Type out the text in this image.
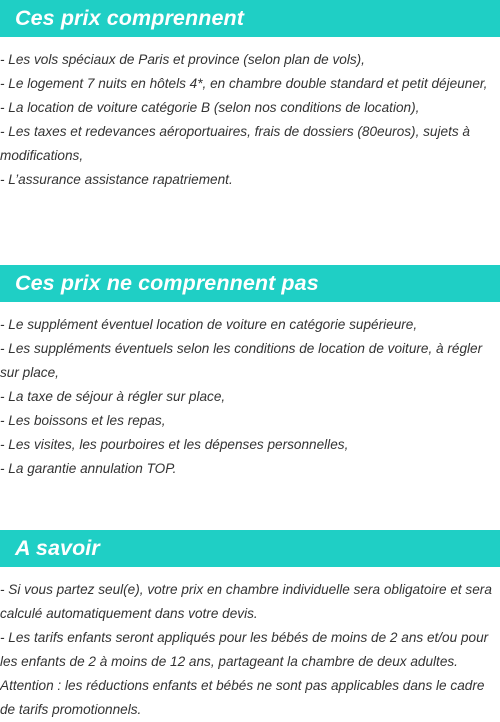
Ces prix comprennent
- Les vols spéciaux de Paris et province (selon plan de vols),
- Le logement 7 nuits en hôtels 4*, en chambre double standard et petit déjeuner,
- La location de voiture catégorie B (selon nos conditions de location),
- Les taxes et redevances aéroportuaires, frais de dossiers (80euros), sujets à modifications,
- L’assurance assistance rapatriement.
Ces prix ne comprennent pas
- Le supplément éventuel location de voiture en catégorie supérieure,
- Les suppléments éventuels selon les conditions de location de voiture, à régler sur place,
- La taxe de séjour à régler sur place,
- Les boissons et les repas,
- Les visites, les pourboires et les dépenses personnelles,
- La garantie annulation TOP.
A savoir
- Si vous partez seul(e), votre prix en chambre individuelle sera obligatoire et sera calculé automatiquement dans votre devis.
- Les tarifs enfants seront appliqués pour les bébés de moins de 2 ans et/ou pour les enfants de 2 à moins de 12 ans, partageant la chambre de deux adultes.
Attention : les réductions enfants et bébés ne sont pas applicables dans le cadre de tarifs promotionnels.
